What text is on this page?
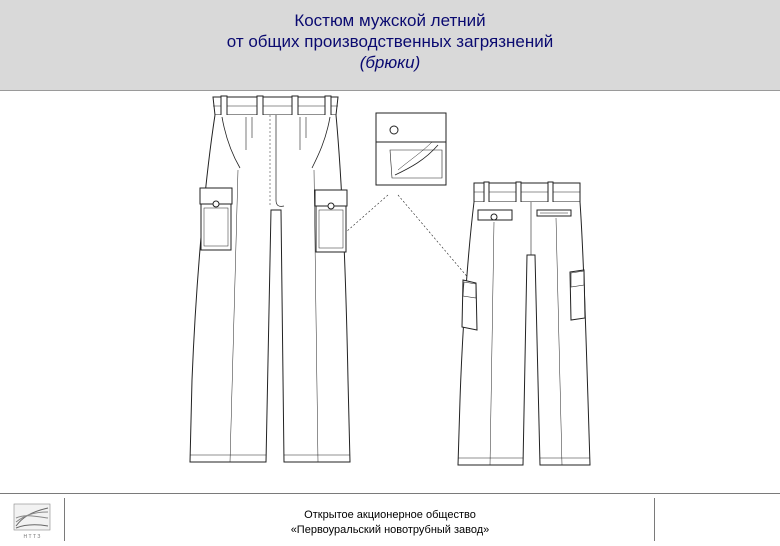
Костюм мужской летний
от общих производственных загрязнений
(брюки)
Н Т Т З
Открытое акционерное общество
«Первоуральский новотрубный завод»
